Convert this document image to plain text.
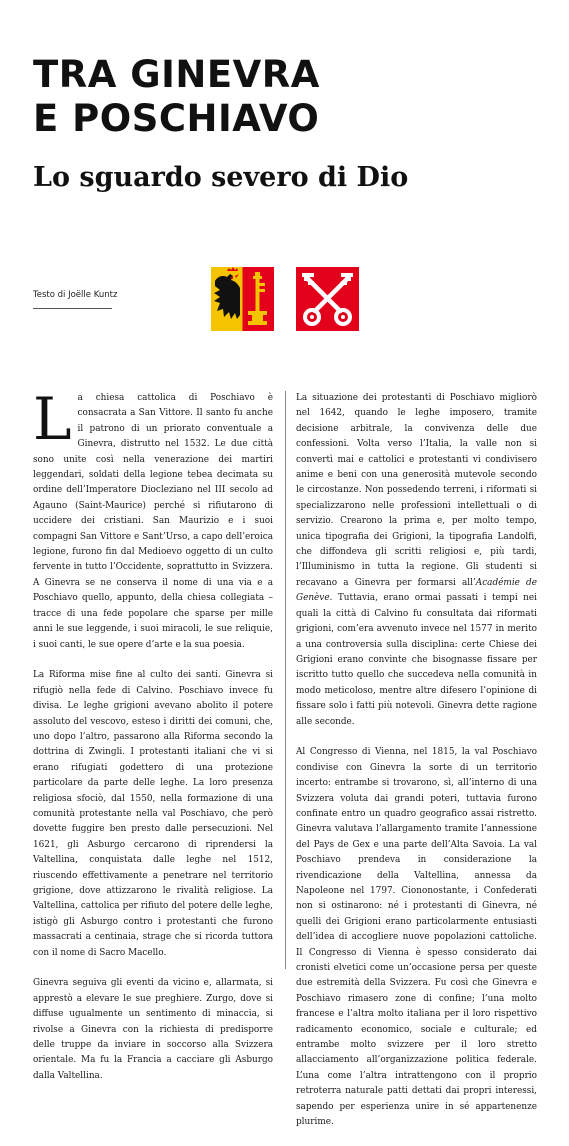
TRA GINEVRA
E POSCHIAVO
Lo sguardo severo di Dio
Testo di Joëlle Kuntz

La chiesa cattolica di Poschiavo è consacrata a San Vittore. Il santo fu anche il patrono di un priorato conventuale a Ginevra, distrutto nel 1532. Le due città sono unite così nella venerazione dei martiri leggendari, soldati della legione tebea decimata su ordine dell’Imperatore Diocleziano nel III secolo ad Agauno (Saint-Maurice) perché si rifiutarono di uccidere dei cristiani. San Maurizio e i suoi compagni San Vittore e Sant’Urso, a capo dell’eroica legione, furono fin dal Medioevo oggetto di un culto fervente in tutto l’Occidente, soprattutto in Svizzera. A Ginevra se ne conserva il nome di una via e a Poschiavo quello, appunto, della chiesa collegiata – tracce di una fede popolare che sparse per mille anni le sue leggende, i suoi miracoli, le sue reliquie, i suoi canti, le sue opere d’arte e la sua poesia.

La Riforma mise fine al culto dei santi. Ginevra si rifugiò nella fede di Calvino. Poschiavo invece fu divisa. Le leghe grigioni avevano abolito il potere assoluto del vescovo, esteso i diritti dei comuni, che, uno dopo l’altro, passarono alla Riforma secondo la dottrina di Zwingli. I protestanti italiani che vi si erano rifugiati godettero di una protezione particolare da parte delle leghe. La loro presenza religiosa sfociò, dal 1550, nella formazione di una comunità protestante nella val Poschiavo, che però dovette fuggire ben presto dalle persecuzioni. Nel 1621, gli Asburgo cercarono di riprendersi la Valtellina, conquistata dalle leghe nel 1512, riuscendo effettivamente a penetrare nel territorio grigione, dove attizzarono le rivalità religiose. La Valtellina, cattolica per rifiuto del potere delle leghe, istigò gli Asburgo contro i protestanti che furono massacrati a centinaia, strage che si ricorda tuttora con il nome di Sacro Macello.

Ginevra seguiva gli eventi da vicino e, allarmata, si apprestò a elevare le sue preghiere. Zurgo, dove si diffuse ugualmente un sentimento di minaccia, si rivolse a Ginevra con la richiesta di predisporre delle truppe da inviare in soccorso alla Svizzera orientale. Ma fu la Francia a cacciare gli Asburgo dalla Valtellina.

La situazione dei protestanti di Poschiavo migliorò nel 1642, quando le leghe imposero, tramite decisione arbitrale, la convivenza delle due confessioni. Volta verso l’Italia, la valle non si convertì mai e cattolici e protestanti vi condivisero anime e beni con una generosità mutevole secondo le circostanze. Non possedendo terreni, i riformati si specializzarono nelle professioni intellettuali o di servizio. Crearono la prima e, per molto tempo, unica tipografia dei Grigioni, la tipografia Landolfi, che diffondeva gli scritti religiosi e, più tardi, l’Illuminismo in tutta la regione. Gli studenti si recavano a Ginevra per formarsi all’Académie de Genève. Tuttavia, erano ormai passati i tempi nei quali la città di Calvino fu consultata dai riformati grigioni, com’era avvenuto invece nel 1577 in merito a una controversia sulla disciplina: certe Chiese dei Grigioni erano convinte che bisognasse fissare per iscritto tutto quello che succedeva nella comunità in modo meticoloso, mentre altre difesero l’opinione di fissare solo i fatti più notevoli. Ginevra dette ragione alle seconde.

Al Congresso di Vienna, nel 1815, la val Poschiavo condivise con Ginevra la sorte di un territorio incerto: entrambe si trovarono, sì, all’interno di una Svizzera voluta dai grandi poteri, tuttavia furono confinate entro un quadro geografico assai ristretto. Ginevra valutava l’allargamento tramite l’annessione del Pays de Gex e una parte dell’Alta Savoia. La val Poschiavo prendeva in considerazione la rivendicazione della Valtellina, annessa da Napoleone nel 1797. Ciononostante, i Confederati non si ostinarono: né i protestanti di Ginevra, né quelli dei Grigioni erano particolarmente entusiasti dell’idea di accogliere nuove popolazioni cattoliche. Il Congresso di Vienna è spesso considerato dai cronisti elvetici come un’occasione persa per queste due estremità della Svizzera. Fu così che Ginevra e Poschiavo rimasero zone di confine; l’una molto francese e l’altra molto italiana per il loro rispettivo radicamento economico, sociale e culturale; ed entrambe molto svizzere per il loro stretto allacciamento all’organizzazione politica federale. L’una come l’altra intrattengono con il proprio retroterra naturale patti dettati dai propri interessi, sapendo per esperienza unire in sé appartenenze plurime.
